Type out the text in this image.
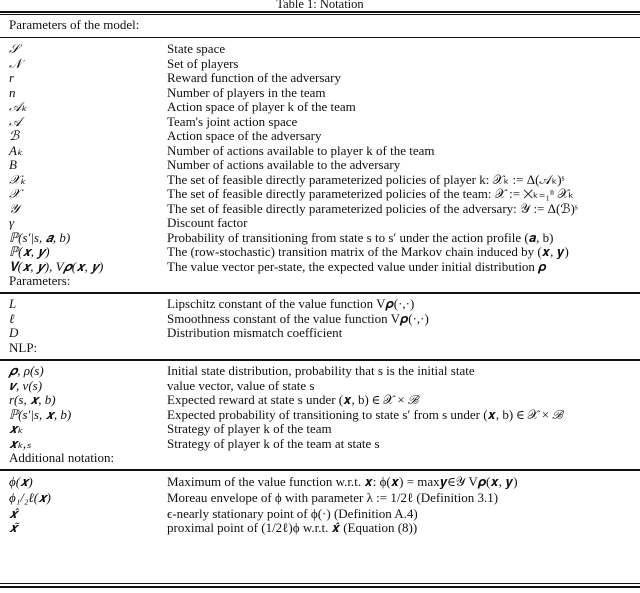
Table 1: Notation
Parameters of the model:
𝒮	State space
𝒩	Set of players
r	Reward function of the adversary
n	Number of players in the team
𝒜ₖ	Action space of player k of the team
𝒜	Team's joint action space
ℬ	Action space of the adversary
Aₖ	Number of actions available to player k of the team
B	Number of actions available to the adversary
𝒳ₖ	The set of feasible directly parameterized policies of player k: 𝒳ₖ := Δ(𝒜ₖ)ˢ
𝒳	The set of feasible directly parameterized policies of the team: 𝒳 := ⨉ₖ₌₁ⁿ 𝒳ₖ
𝒴	The set of feasible directly parameterized policies of the adversary: 𝒴 := Δ(ℬ)ˢ
γ	Discount factor
ℙ(s′|s, 𝒂, b)	Probability of transitioning from state s to s′ under the action profile (𝒂, b)
ℙ(𝒙, 𝒚)	The (row-stochastic) transition matrix of the Markov chain induced by (𝒙, 𝒚)
𝐕(𝒙, 𝒚), V𝝆(𝒙, 𝒚)	The value vector per-state, the expected value under initial distribution 𝝆
Parameters:
L	Lipschitz constant of the value function V𝝆(·,·)
ℓ	Smoothness constant of the value function V𝝆(·,·)
D	Distribution mismatch coefficient
NLP:
𝝆, ρ(s)	Initial state distribution, probability that s is the initial state
𝒗, v(s)	value vector, value of state s
r(s, 𝒙, b)	Expected reward at state s under (𝒙, b) ∈ 𝒳 × ℬ
ℙ(s′|s, 𝒙, b)	Expected probability of transitioning to state s′ from s under (𝒙, b) ∈ 𝒳 × ℬ
𝒙ₖ	Strategy of player k of the team
𝒙ₖ,ₛ	Strategy of player k of the team at state s
Additional notation:
ϕ(𝒙)	Maximum of the value function w.r.t. 𝒙: ϕ(𝒙) = max𝒚∈𝒴 V𝝆(𝒙, 𝒚)
ϕ₁/₂ℓ(𝒙)	Moreau envelope of ϕ with parameter λ := 1/2ℓ (Definition 3.1)
𝒙̂	ϵ-nearly stationary point of ϕ(·) (Definition A.4)
𝒙̃	proximal point of (1/2ℓ)ϕ w.r.t. 𝒙̂ (Equation (8))
